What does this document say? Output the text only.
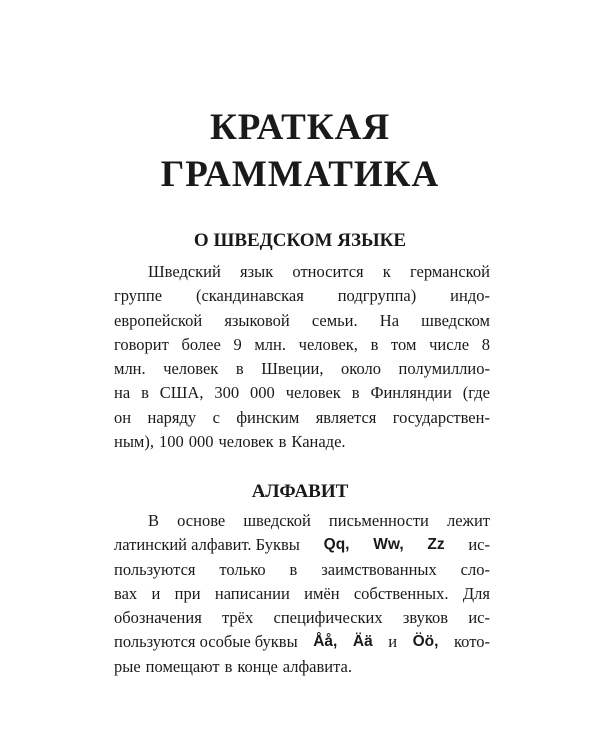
КРАТКАЯ
ГРАММАТИКА
О ШВЕДСКОМ ЯЗЫКЕ
Шведский язык относится к германской
группе (скандинавская подгруппа) индо-
европейской языковой семьи. На шведском
говорит более 9 млн. человек, в том числе 8
млн. человек в Швеции, около полумиллио-
на в США, 300 000 человек в Финляндии (где
он наряду с финским является государствен-
ным), 100 000 человек в Канаде.
АЛФАВИТ
В основе шведской письменности лежит
латинский алфавит. Буквы Qq, Ww, Zz ис-
пользуются только в заимствованных сло-
вах и при написании имён собственных. Для
обозначения трёх специфических звуков ис-
пользуются особые буквы Åå, Ää и Öö, кото-
рые помещают в конце алфавита.
